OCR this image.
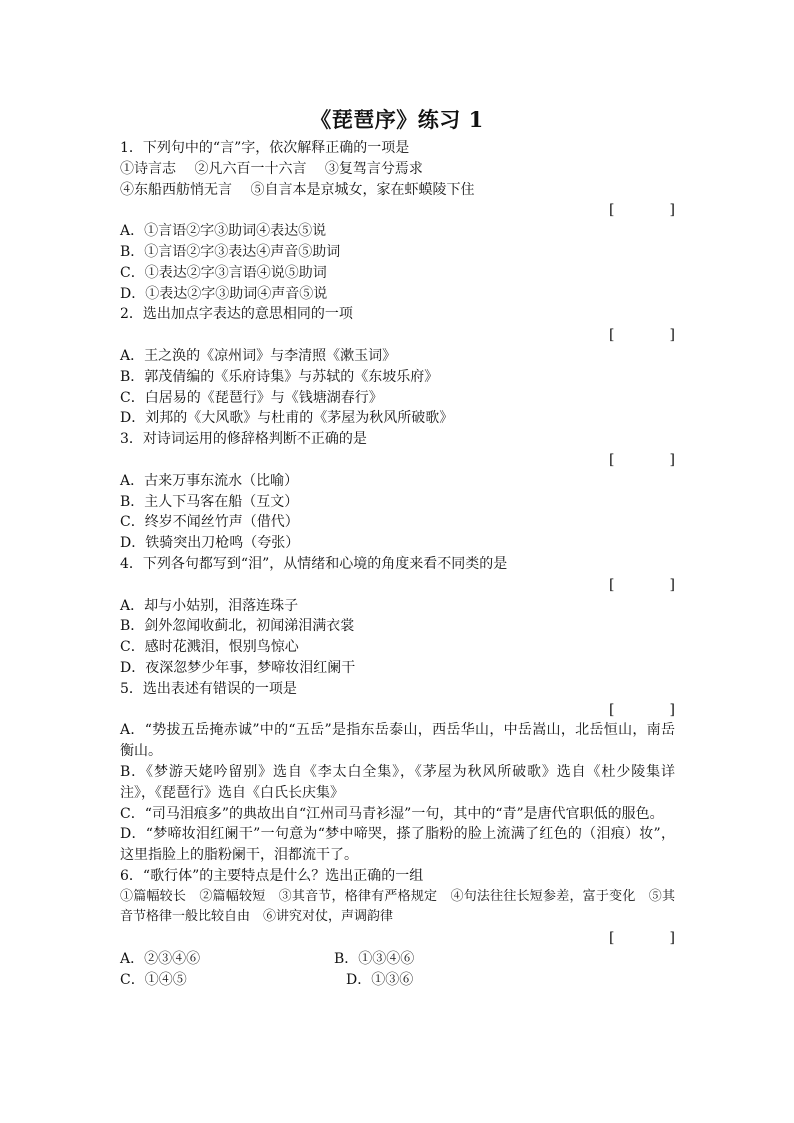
《琵琶序》练习 1
1．下列句中的“言”字，依次解释正确的一项是
①诗言志　 ②凡六百一十六言 　③复驾言兮焉求
④东船西舫悄无言 　⑤自言本是京城女，家在虾蟆陵下住
[	]
A．①言语②字③助词④表达⑤说
B．①言语②字③表达④声音⑤助词
C．①表达②字③言语④说⑤助词
D．①表达②字③助词④声音⑤说
2．选出加点字表达的意思相同的一项
[	]
A．王之涣的《凉州词》与李清照《漱玉词》
B．郭茂倩编的《乐府诗集》与苏轼的《东坡乐府》
C．白居易的《琵琶行》与《钱塘湖春行》
D．刘邦的《大风歌》与杜甫的《茅屋为秋风所破歌》
3．对诗词运用的修辞格判断不正确的是
[	]
A．古来万事东流水（比喻）
B．主人下马客在船（互文）
C．终岁不闻丝竹声（借代）
D．铁骑突出刀枪鸣（夸张）
4．下列各句都写到“泪”，从情绪和心境的角度来看不同类的是
[	]
A．却与小姑别，泪落连珠子
B．剑外忽闻收蓟北，初闻涕泪满衣裳
C．感时花溅泪，恨别鸟惊心
D．夜深忽梦少年事，梦啼妆泪红阑干
5．选出表述有错误的一项是
[	]
A．“势拔五岳掩赤诚”中的“五岳”是指东岳泰山，西岳华山，中岳嵩山，北岳恒山，南岳衡山。
B．《梦游天姥吟留别》选自《李太白全集》，《茅屋为秋风所破歌》选自《杜少陵集详注》，《琵琶行》选自《白氏长庆集》
C．“司马泪痕多”的典故出自“江州司马青衫湿”一句，其中的“青”是唐代官职低的服色。
D．“梦啼妆泪红阑干”一句意为“梦中啼哭，搽了脂粉的脸上流满了红色的（泪痕）妆”，这里指脸上的脂粉阑干，泪都流干了。
6．“歌行体”的主要特点是什么？选出正确的一组
①篇幅较长　②篇幅较短　③其音节，格律有严格规定　④句法往往长短参差，富于变化　⑤其音节格律一般比较自由　⑥讲究对仗，声调韵律
[	]
A．②③④⑥	B．①③④⑥
C．①④⑤	D．①③⑥
